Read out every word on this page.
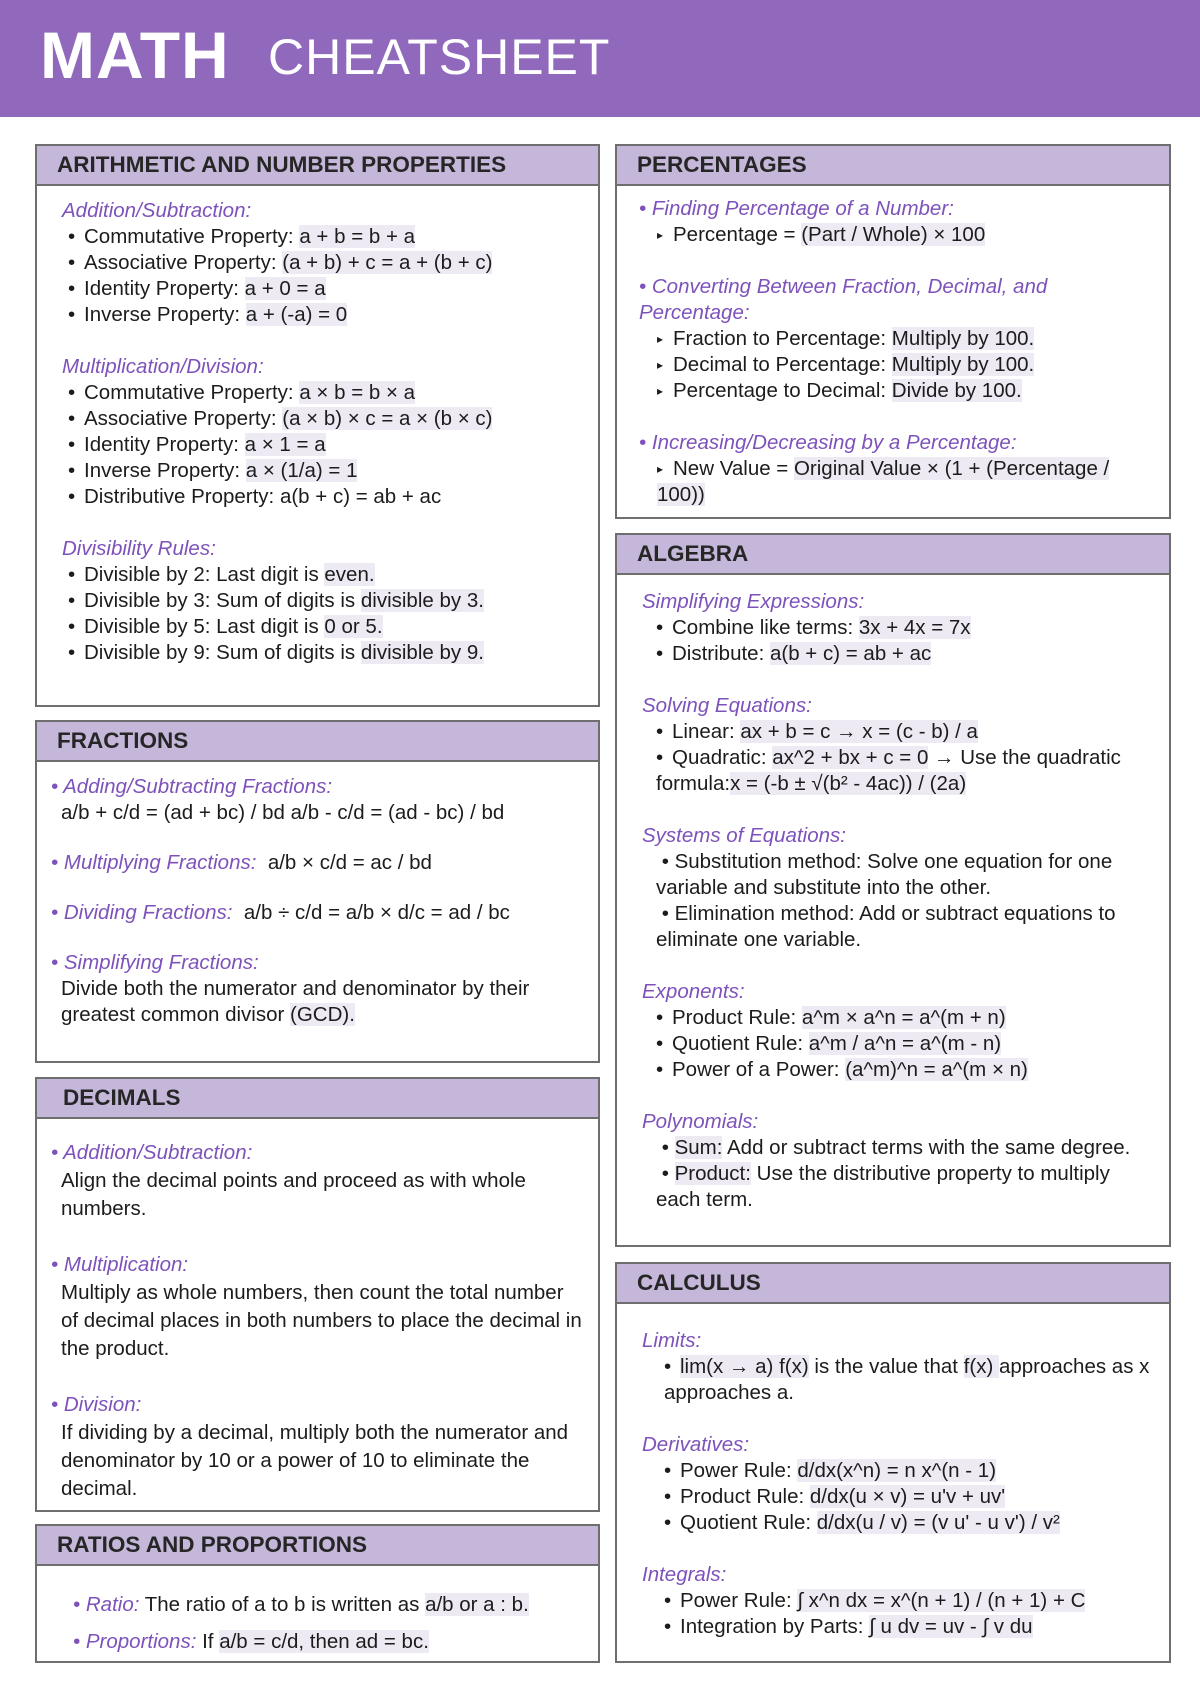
MATH CHEATSHEET
ARITHMETIC AND NUMBER PROPERTIES
Addition/Subtraction:
• Commutative Property: a + b = b + a
• Associative Property: (a + b) + c = a + (b + c)
• Identity Property: a + 0 = a
• Inverse Property: a + (-a) = 0
Multiplication/Division:
• Commutative Property: a × b = b × a
• Associative Property: (a × b) × c = a × (b × c)
• Identity Property: a × 1 = a
• Inverse Property: a × (1/a) = 1
• Distributive Property: a(b + c) = ab + ac
Divisibility Rules:
• Divisible by 2: Last digit is even.
• Divisible by 3: Sum of digits is divisible by 3.
• Divisible by 5: Last digit is 0 or 5.
• Divisible by 9: Sum of digits is divisible by 9.
FRACTIONS
• Adding/Subtracting Fractions:
a/b + c/d = (ad + bc) / bd a/b - c/d = (ad - bc) / bd
• Multiplying Fractions: a/b × c/d = ac / bd
• Dividing Fractions: a/b ÷ c/d = a/b × d/c = ad / bc
• Simplifying Fractions:
Divide both the numerator and denominator by their greatest common divisor (GCD).
DECIMALS
• Addition/Subtraction:
Align the decimal points and proceed as with whole numbers.
• Multiplication:
Multiply as whole numbers, then count the total number of decimal places in both numbers to place the decimal in the product.
• Division:
If dividing by a decimal, multiply both the numerator and denominator by 10 or a power of 10 to eliminate the decimal.
RATIOS AND PROPORTIONS
• Ratio: The ratio of a to b is written as a/b or a : b.
• Proportions: If a/b = c/d, then ad = bc.
PERCENTAGES
• Finding Percentage of a Number:
▸ Percentage = (Part / Whole) × 100
• Converting Between Fraction, Decimal, and Percentage:
▸ Fraction to Percentage: Multiply by 100.
▸ Decimal to Percentage: Multiply by 100.
▸ Percentage to Decimal: Divide by 100.
• Increasing/Decreasing by a Percentage:
▸ New Value = Original Value × (1 + (Percentage / 100))
ALGEBRA
Simplifying Expressions:
• Combine like terms: 3x + 4x = 7x
• Distribute: a(b + c) = ab + ac
Solving Equations:
• Linear: ax + b = c → x = (c - b) / a
• Quadratic: ax^2 + bx + c = 0 → Use the quadratic formula:x = (-b ± √(b² - 4ac)) / (2a)
Systems of Equations:
• Substitution method: Solve one equation for one variable and substitute into the other.
• Elimination method: Add or subtract equations to eliminate one variable.
Exponents:
• Product Rule: a^m × a^n = a^(m + n)
• Quotient Rule: a^m / a^n = a^(m - n)
• Power of a Power: (a^m)^n = a^(m × n)
Polynomials:
• Sum: Add or subtract terms with the same degree.
• Product: Use the distributive property to multiply each term.
CALCULUS
Limits:
• lim(x → a) f(x) is the value that f(x) approaches as x approaches a.
Derivatives:
• Power Rule: d/dx(x^n) = n x^(n - 1)
• Product Rule: d/dx(u × v) = u'v + uv'
• Quotient Rule: d/dx(u / v) = (v u' - u v') / v²
Integrals:
• Power Rule: ∫ x^n dx = x^(n + 1) / (n + 1) + C
• Integration by Parts: ∫ u dv = uv - ∫ v du
